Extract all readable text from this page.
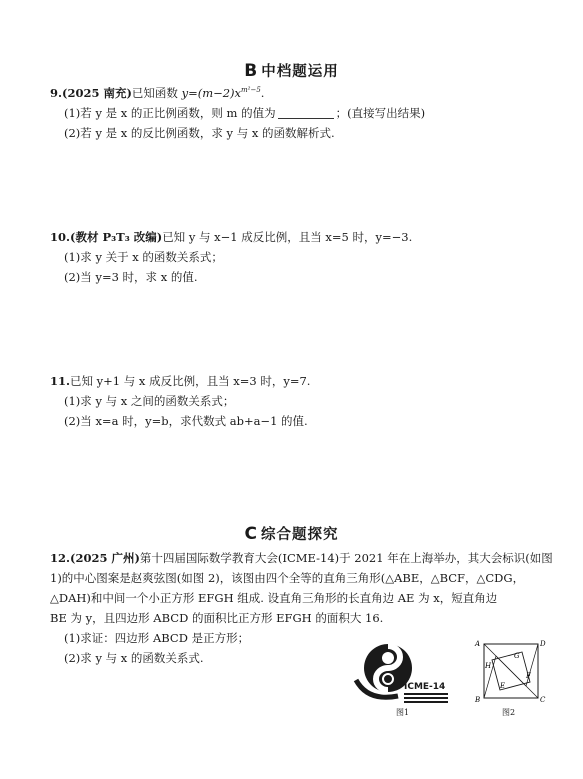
B 中档题运用
9.(2025 南充)已知函数 $y=(m-2)x^{m^2-5}$.
(1)若 y 是 x 的正比例函数，则 m 的值为	；(直接写出结果)
(2)若 y 是 x 的反比例函数，求 y 与 x 的函数解析式.
10.(教材 P₃T₃ 改编)已知 y 与 x−1 成反比例，且当 x=5 时，y=−3.
(1)求 y 关于 x 的函数关系式；
(2)当 y=3 时，求 x 的值.
11.已知 y+1 与 x 成反比例，且当 x=3 时，y=7.
(1)求 y 与 x 之间的函数关系式；
(2)当 x=a 时，y=b，求代数式 ab+a−1 的值.
C 综合题探究
12.(2025 广州)第十四届国际数学教育大会(ICME-14)于 2021 年在上海举办，其大会标识(如图
1)的中心图案是赵爽弦图(如图 2)，该图由四个全等的直角三角形(△ABE，△BCF，△CDG，
△DAH)和中间一个小正方形 EFGH 组成. 设直角三角形的长直角边 AE 为 x，短直角边
BE 为 y，且四边形 ABCD 的面积比正方形 EFGH 的面积大 16.
(1)求证：四边形 ABCD 是正方形；
(2)求 y 与 x 的函数关系式.
ICME-14
图1
A
B	C
D
E
F
G
H
图2
